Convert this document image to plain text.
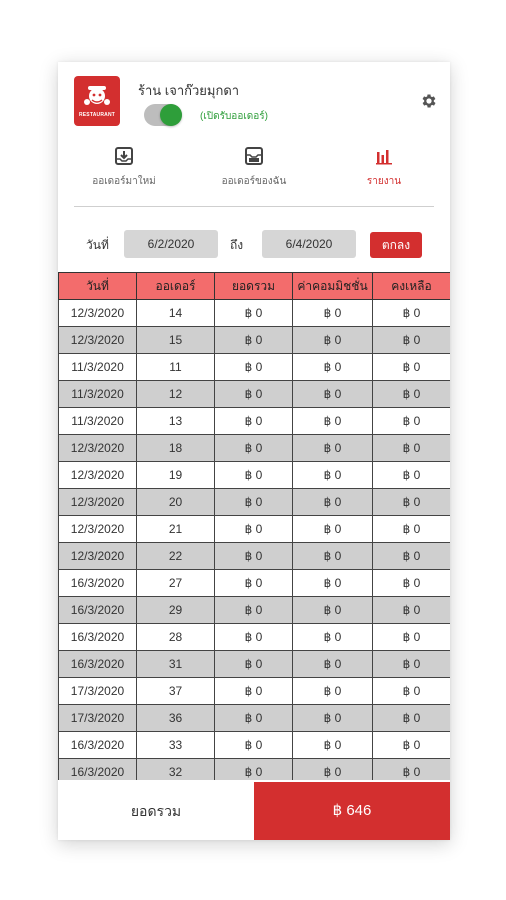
RESTAURANT
ร้าน เจาก๊วยมุกดา
(เปิดรับออเดอร์)
ออเดอร์มาใหม่	ออเดอร์ของฉัน	รายงาน
วันที่	6/2/2020	ถึง	6/4/2020	ตกลง
วันที่	ออเดอร์	ยอดรวม	ค่าคอมมิชชั่น	คงเหลือ
12/3/2020	14	฿ 0	฿ 0	฿ 0
12/3/2020	15	฿ 0	฿ 0	฿ 0
11/3/2020	11	฿ 0	฿ 0	฿ 0
11/3/2020	12	฿ 0	฿ 0	฿ 0
11/3/2020	13	฿ 0	฿ 0	฿ 0
12/3/2020	18	฿ 0	฿ 0	฿ 0
12/3/2020	19	฿ 0	฿ 0	฿ 0
12/3/2020	20	฿ 0	฿ 0	฿ 0
12/3/2020	21	฿ 0	฿ 0	฿ 0
12/3/2020	22	฿ 0	฿ 0	฿ 0
16/3/2020	27	฿ 0	฿ 0	฿ 0
16/3/2020	29	฿ 0	฿ 0	฿ 0
16/3/2020	28	฿ 0	฿ 0	฿ 0
16/3/2020	31	฿ 0	฿ 0	฿ 0
17/3/2020	37	฿ 0	฿ 0	฿ 0
17/3/2020	36	฿ 0	฿ 0	฿ 0
16/3/2020	33	฿ 0	฿ 0	฿ 0
16/3/2020	32	฿ 0	฿ 0	฿ 0
ยอดรวม	฿ 646
